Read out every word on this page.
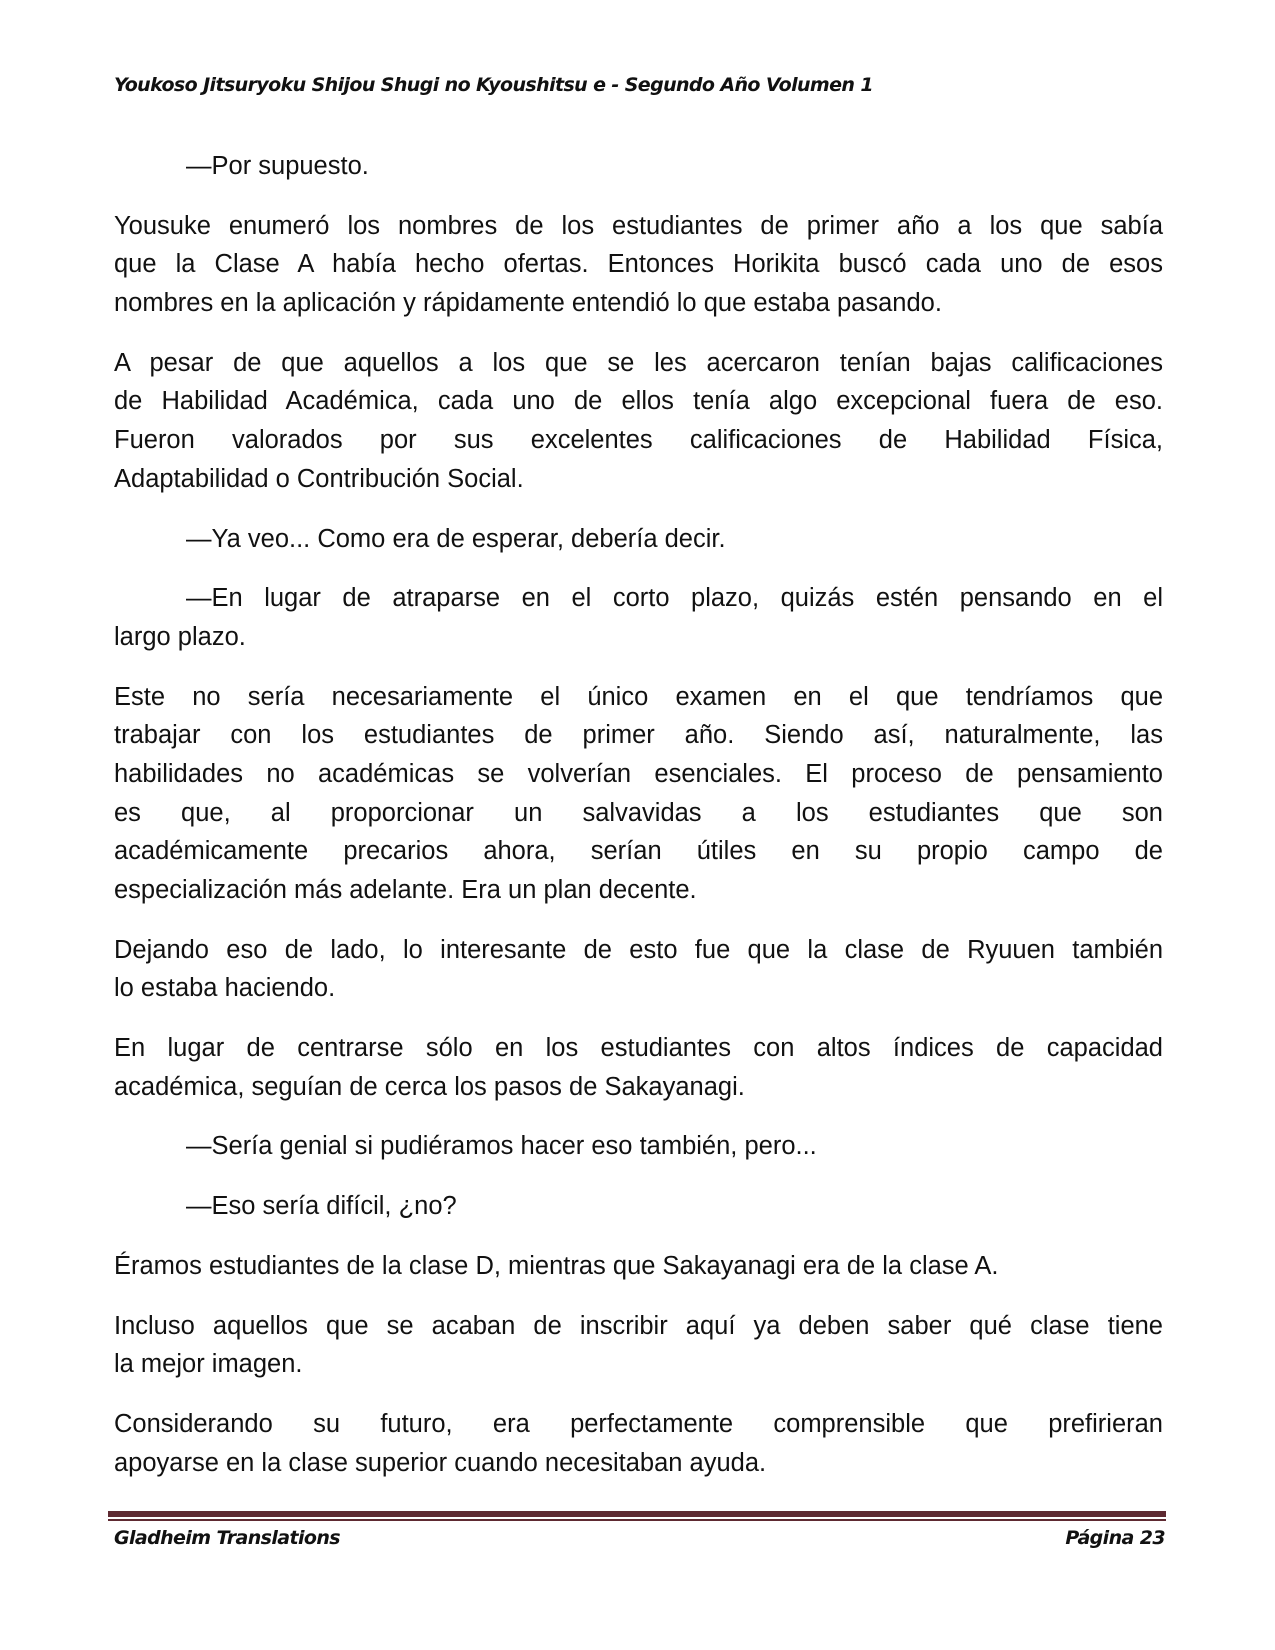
Youkoso Jitsuryoku Shijou Shugi no Kyoushitsu e - Segundo Año Volumen 1
—Por supuesto.
Yousuke enumeró los nombres de los estudiantes de primer año a los que sabía
que la Clase A había hecho ofertas. Entonces Horikita buscó cada uno de esos
nombres en la aplicación y rápidamente entendió lo que estaba pasando.
A pesar de que aquellos a los que se les acercaron tenían bajas calificaciones
de Habilidad Académica, cada uno de ellos tenía algo excepcional fuera de eso.
Fueron valorados por sus excelentes calificaciones de Habilidad Física,
Adaptabilidad o Contribución Social.
—Ya veo... Como era de esperar, debería decir.
—En lugar de atraparse en el corto plazo, quizás estén pensando en el
largo plazo.
Este no sería necesariamente el único examen en el que tendríamos que
trabajar con los estudiantes de primer año. Siendo así, naturalmente, las
habilidades no académicas se volverían esenciales. El proceso de pensamiento
es que, al proporcionar un salvavidas a los estudiantes que son
académicamente precarios ahora, serían útiles en su propio campo de
especialización más adelante. Era un plan decente.
Dejando eso de lado, lo interesante de esto fue que la clase de Ryuuen también
lo estaba haciendo.
En lugar de centrarse sólo en los estudiantes con altos índices de capacidad
académica, seguían de cerca los pasos de Sakayanagi.
—Sería genial si pudiéramos hacer eso también, pero...
—Eso sería difícil, ¿no?
Éramos estudiantes de la clase D, mientras que Sakayanagi era de la clase A.
Incluso aquellos que se acaban de inscribir aquí ya deben saber qué clase tiene
la mejor imagen.
Considerando su futuro, era perfectamente comprensible que prefirieran
apoyarse en la clase superior cuando necesitaban ayuda.
Gladheim Translations	Página 23
